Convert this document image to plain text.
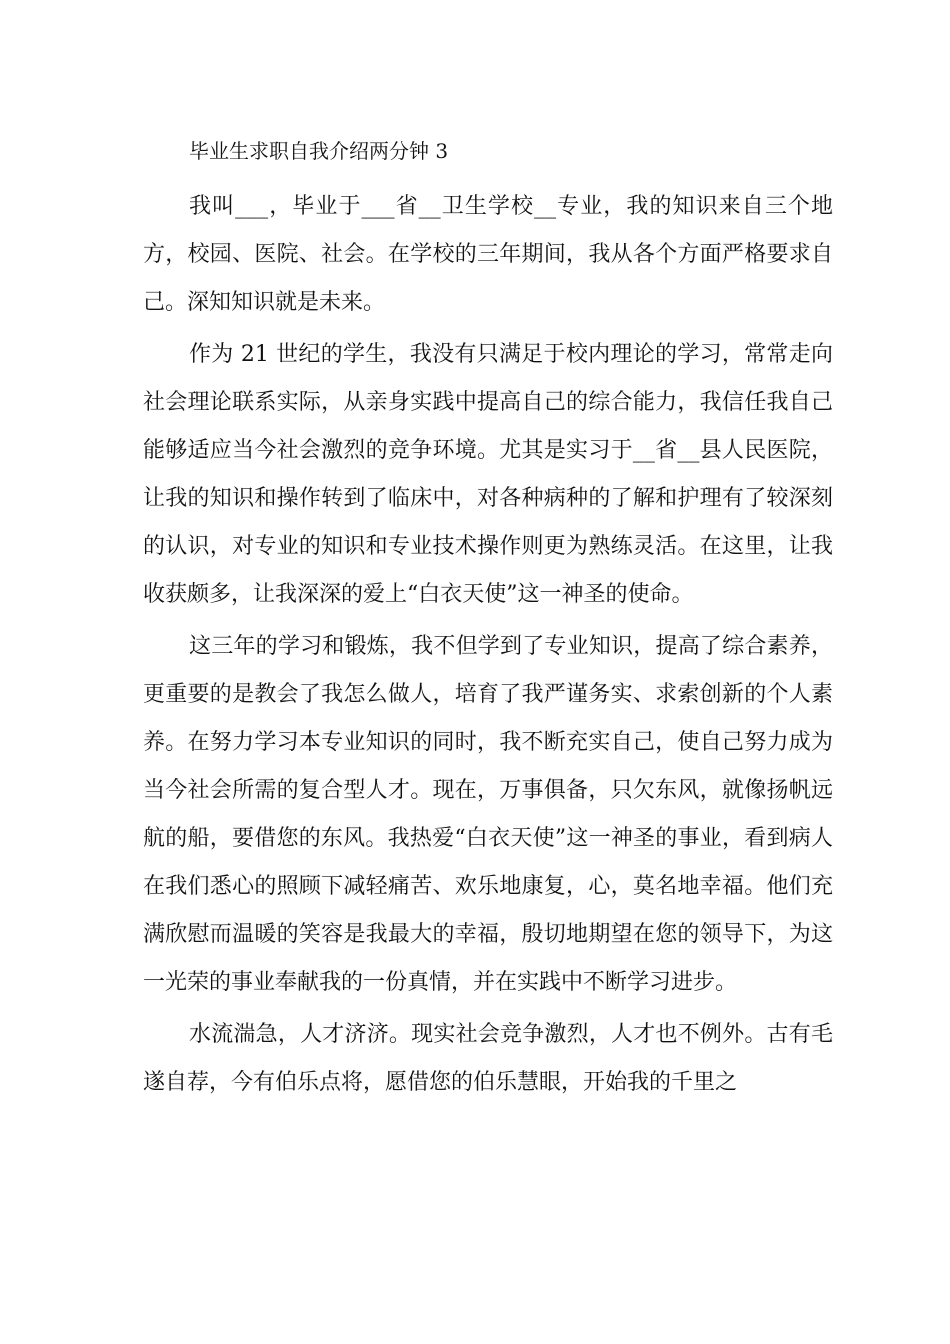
毕业生求职自我介绍两分钟 3

我叫___，毕业于___省__卫生学校__专业，我的知识来自三个地方，校园、医院、社会。在学校的三年期间，我从各个方面严格要求自己。深知知识就是未来。

作为 21 世纪的学生，我没有只满足于校内理论的学习，常常走向社会理论联系实际，从亲身实践中提高自己的综合能力，我信任我自己能够适应当今社会激烈的竞争环境。尤其是实习于__省__县人民医院，让我的知识和操作转到了临床中，对各种病种的了解和护理有了较深刻的认识，对专业的知识和专业技术操作则更为熟练灵活。在这里，让我收获颇多，让我深深的爱上“白衣天使”这一神圣的使命。

这三年的学习和锻炼，我不但学到了专业知识，提高了综合素养，更重要的是教会了我怎么做人，培育了我严谨务实、求索创新的个人素养。在努力学习本专业知识的同时，我不断充实自己，使自己努力成为当今社会所需的复合型人才。现在，万事俱备，只欠东风，就像扬帆远航的船，要借您的东风。我热爱“白衣天使”这一神圣的事业，看到病人在我们悉心的照顾下减轻痛苦、欢乐地康复，心，莫名地幸福。他们充满欣慰而温暖的笑容是我最大的幸福，殷切地期望在您的领导下，为这一光荣的事业奉献我的一份真情，并在实践中不断学习进步。

水流湍急，人才济济。现实社会竞争激烈，人才也不例外。古有毛遂自荐，今有伯乐点将，愿借您的伯乐慧眼，开始我的千里之
